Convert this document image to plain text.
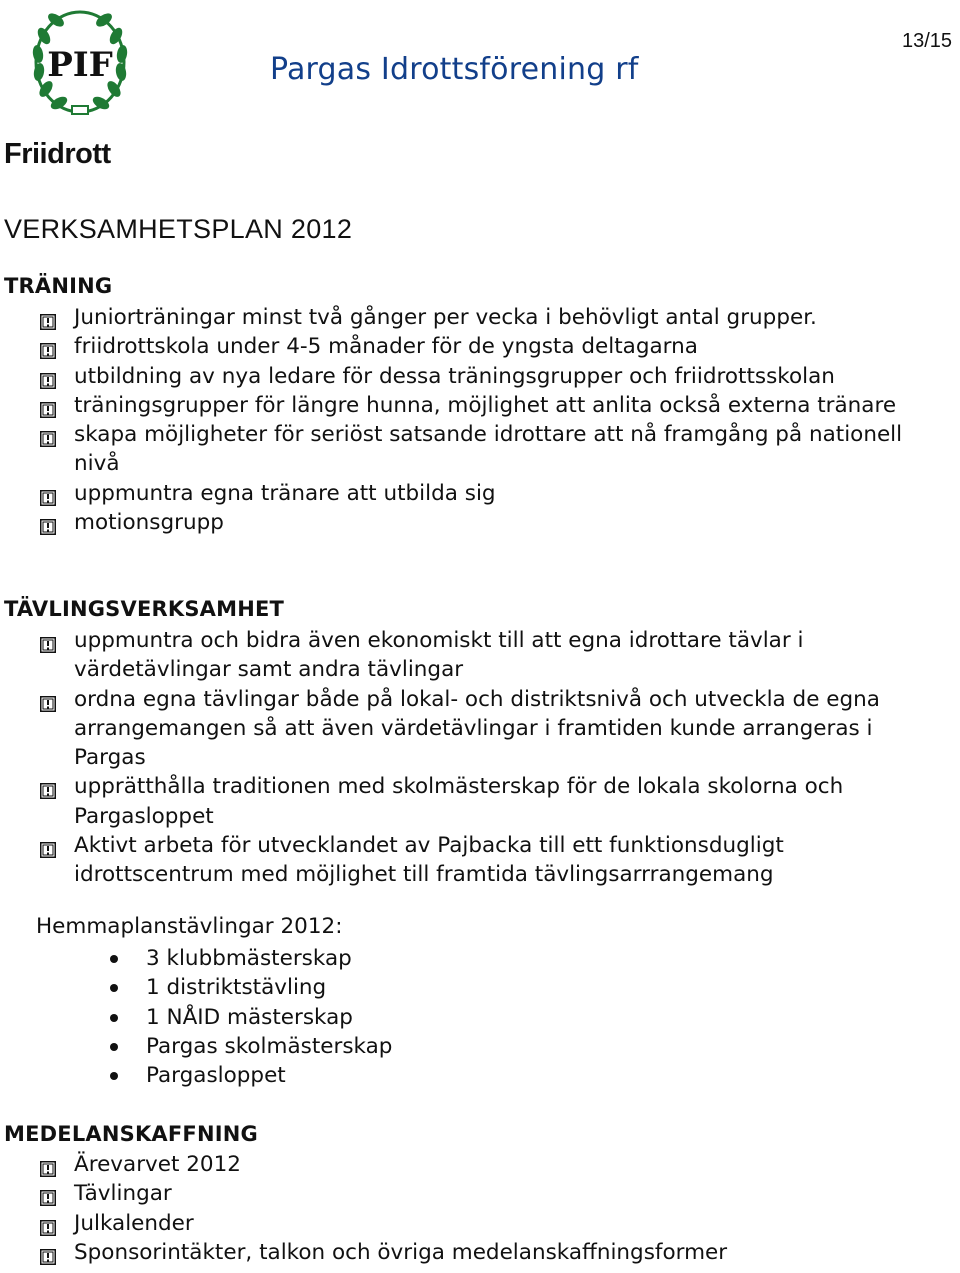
PIF	Pargas Idrottsförening rf
13/15
Friidrott
VERKSAMHETSPLAN 2012
TRÄNING
Juniorträningar minst två gånger per vecka i behövligt antal grupper.
friidrottskola under 4-5 månader för de yngsta deltagarna
utbildning av nya ledare för dessa träningsgrupper och friidrottsskolan
träningsgrupper för längre hunna, möjlighet att anlita också externa tränare
skapa möjligheter för seriöst satsande idrottare att nå framgång på nationell nivå
uppmuntra egna tränare att utbilda sig
motionsgrupp
TÄVLINGSVERKSAMHET
uppmuntra och bidra även ekonomiskt till att egna idrottare tävlar i värdetävlingar samt andra tävlingar
ordna egna tävlingar både på lokal- och distriktsnivå och utveckla de egna arrangemangen så att även värdetävlingar i framtiden kunde arrangeras i Pargas
upprätthålla traditionen med skolmästerskap för de lokala skolorna och Pargasloppet
Aktivt arbeta för utvecklandet av Pajbacka till ett funktionsdugligt idrottscentrum med möjlighet till framtida tävlingsarrrangemang
Hemmaplanstävlingar 2012:
3 klubbmästerskap
1 distriktstävling
1 NÅID mästerskap
Pargas skolmästerskap
Pargasloppet
MEDELANSKAFFNING
Ärevarvet 2012
Tävlingar
Julkalender
Sponsorintäkter, talkon och övriga medelanskaffningsformer
